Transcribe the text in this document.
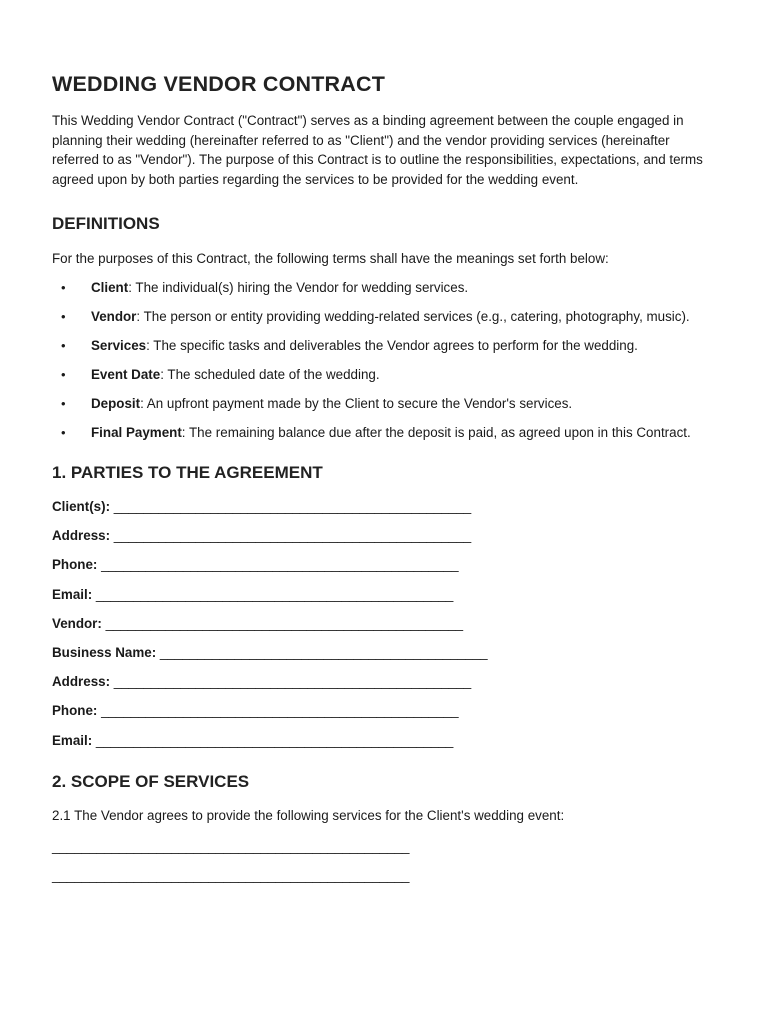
WEDDING VENDOR CONTRACT

This Wedding Vendor Contract ("Contract") serves as a binding agreement between the couple engaged in planning their wedding (hereinafter referred to as "Client") and the vendor providing services (hereinafter referred to as "Vendor"). The purpose of this Contract is to outline the responsibilities, expectations, and terms agreed upon by both parties regarding the services to be provided for the wedding event.

DEFINITIONS

For the purposes of this Contract, the following terms shall have the meanings set forth below:

• Client: The individual(s) hiring the Vendor for wedding services.
• Vendor: The person or entity providing wedding-related services (e.g., catering, photography, music).
• Services: The specific tasks and deliverables the Vendor agrees to perform for the wedding.
• Event Date: The scheduled date of the wedding.
• Deposit: An upfront payment made by the Client to secure the Vendor's services.
• Final Payment: The remaining balance due after the deposit is paid, as agreed upon in this Contract.
1. PARTIES TO THE AGREEMENT
Client(s): ________________________________________________
Address: ________________________________________________
Phone: ________________________________________________
Email: ________________________________________________
Vendor: ________________________________________________
Business Name: ____________________________________________
Address: ________________________________________________
Phone: ________________________________________________
Email: ________________________________________________
2. SCOPE OF SERVICES

2.1 The Vendor agrees to provide the following services for the Client's wedding event:

________________________________________________
________________________________________________
